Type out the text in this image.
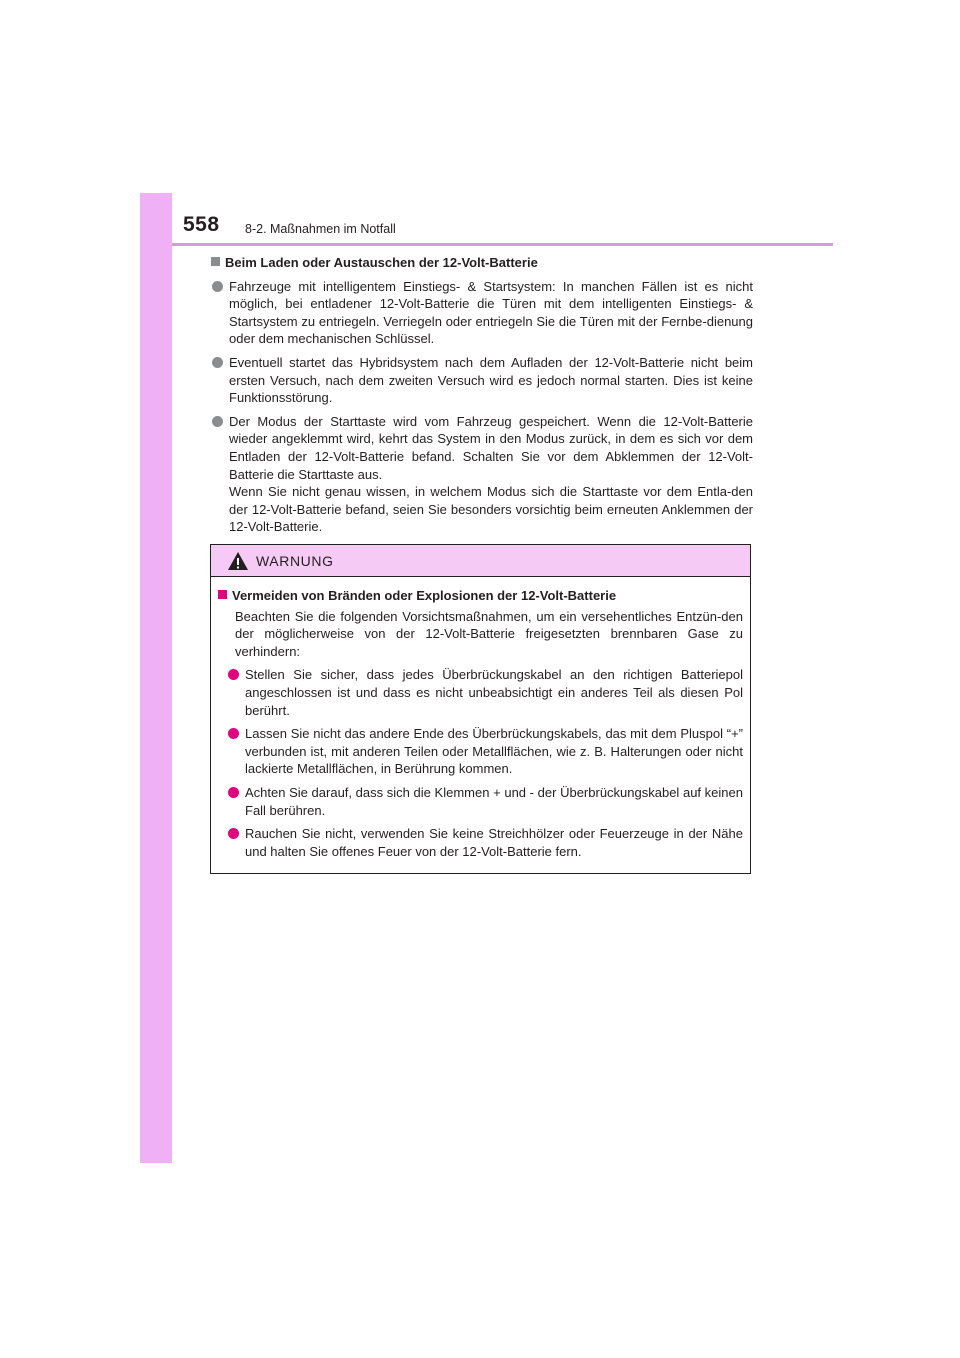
558 8-2. Maßnahmen im Notfall
Beim Laden oder Austauschen der 12-Volt-Batterie

Fahrzeuge mit intelligentem Einstiegs- & Startsystem: In manchen Fällen ist es nicht möglich, bei entladener 12-Volt-Batterie die Türen mit dem intelligenten Einstiegs- & Startsystem zu entriegeln. Verriegeln oder entriegeln Sie die Türen mit der Fernbe-dienung oder dem mechanischen Schlüssel.

Eventuell startet das Hybridsystem nach dem Aufladen der 12-Volt-Batterie nicht beim ersten Versuch, nach dem zweiten Versuch wird es jedoch normal starten. Dies ist keine Funktionsstörung.

Der Modus der Starttaste wird vom Fahrzeug gespeichert. Wenn die 12-Volt-Batterie wieder angeklemmt wird, kehrt das System in den Modus zurück, in dem es sich vor dem Entladen der 12-Volt-Batterie befand. Schalten Sie vor dem Abklemmen der 12-Volt-Batterie die Starttaste aus.

Wenn Sie nicht genau wissen, in welchem Modus sich die Starttaste vor dem Entla-den der 12-Volt-Batterie befand, seien Sie besonders vorsichtig beim erneuten Anklemmen der 12-Volt-Batterie.

WARNUNG
Vermeiden von Bränden oder Explosionen der 12-Volt-Batterie

Beachten Sie die folgenden Vorsichtsmaßnahmen, um ein versehentliches Entzün-den der möglicherweise von der 12-Volt-Batterie freigesetzten brennbaren Gase zu verhindern:

Stellen Sie sicher, dass jedes Überbrückungskabel an den richtigen Batteriepol angeschlossen ist und dass es nicht unbeabsichtigt ein anderes Teil als diesen Pol berührt.
Lassen Sie nicht das andere Ende des Überbrückungskabels, das mit dem Pluspol “+” verbunden ist, mit anderen Teilen oder Metallflächen, wie z. B. Halterungen oder nicht lackierte Metallflächen, in Berührung kommen.
Achten Sie darauf, dass sich die Klemmen + und - der Überbrückungskabel auf keinen Fall berühren.
Rauchen Sie nicht, verwenden Sie keine Streichhölzer oder Feuerzeuge in der Nähe und halten Sie offenes Feuer von der 12-Volt-Batterie fern.
